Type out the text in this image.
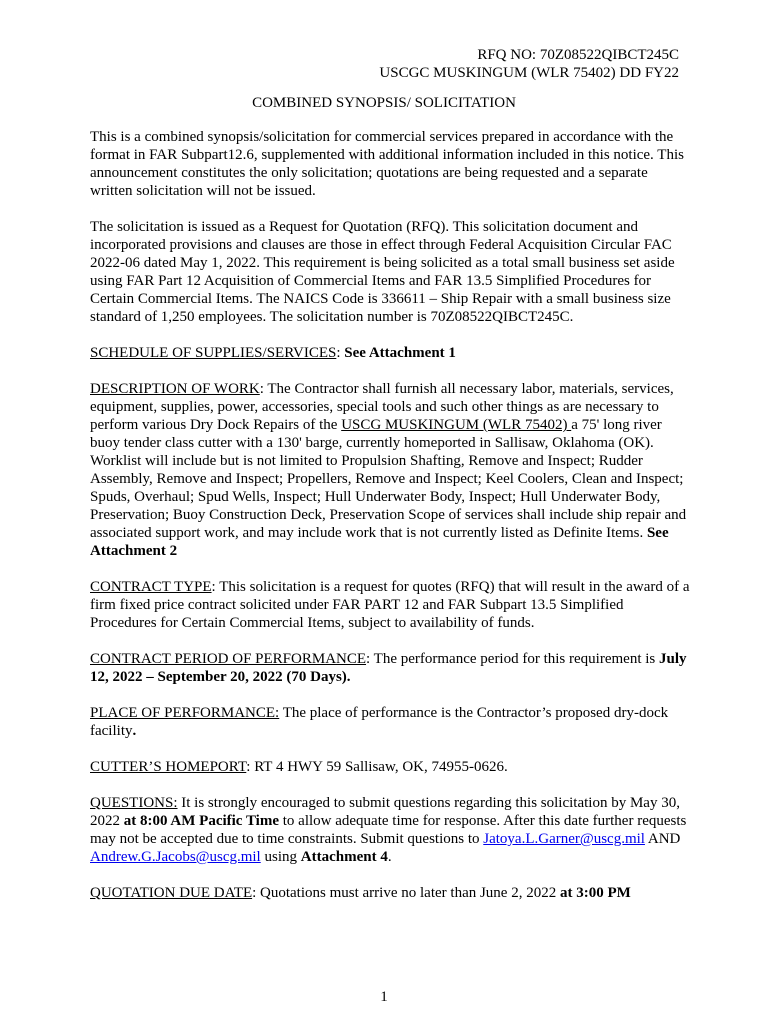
RFQ NO: 70Z08522QIBCT245C
USCGC MUSKINGUM (WLR 75402) DD FY22
COMBINED SYNOPSIS/ SOLICITATION

This is a combined synopsis/solicitation for commercial services prepared in accordance with the format in FAR Subpart12.6, supplemented with additional information included in this notice. This announcement constitutes the only solicitation; quotations are being requested and a separate written solicitation will not be issued.

The solicitation is issued as a Request for Quotation (RFQ). This solicitation document and incorporated provisions and clauses are those in effect through Federal Acquisition Circular FAC 2022-06 dated May 1, 2022. This requirement is being solicited as a total small business set aside using FAR Part 12 Acquisition of Commercial Items and FAR 13.5 Simplified Procedures for Certain Commercial Items. The NAICS Code is 336611 – Ship Repair with a small business size standard of 1,250 employees. The solicitation number is 70Z08522QIBCT245C.

SCHEDULE OF SUPPLIES/SERVICES: See Attachment 1

DESCRIPTION OF WORK: The Contractor shall furnish all necessary labor, materials, services, equipment, supplies, power, accessories, special tools and such other things as are necessary to perform various Dry Dock Repairs of the USCG MUSKINGUM (WLR 75402) a 75' long river buoy tender class cutter with a 130' barge, currently homeported in Sallisaw, Oklahoma (OK). Worklist will include but is not limited to Propulsion Shafting, Remove and Inspect; Rudder Assembly, Remove and Inspect; Propellers, Remove and Inspect; Keel Coolers, Clean and Inspect; Spuds, Overhaul; Spud Wells, Inspect; Hull Underwater Body, Inspect; Hull Underwater Body, Preservation; Buoy Construction Deck, Preservation Scope of services shall include ship repair and associated support work, and may include work that is not currently listed as Definite Items. See Attachment 2

CONTRACT TYPE: This solicitation is a request for quotes (RFQ) that will result in the award of a firm fixed price contract solicited under FAR PART 12 and FAR Subpart 13.5 Simplified Procedures for Certain Commercial Items, subject to availability of funds.

CONTRACT PERIOD OF PERFORMANCE: The performance period for this requirement is July 12, 2022 – September 20, 2022 (70 Days).

PLACE OF PERFORMANCE: The place of performance is the Contractor’s proposed dry-dock facility.

CUTTER’S HOMEPORT: RT 4 HWY 59 Sallisaw, OK, 74955-0626.

QUESTIONS: It is strongly encouraged to submit questions regarding this solicitation by May 30, 2022 at 8:00 AM Pacific Time to allow adequate time for response. After this date further requests may not be accepted due to time constraints. Submit questions to Jatoya.L.Garner@uscg.mil AND Andrew.G.Jacobs@uscg.mil using Attachment 4.

QUOTATION DUE DATE: Quotations must arrive no later than June 2, 2022 at 3:00 PM

1
